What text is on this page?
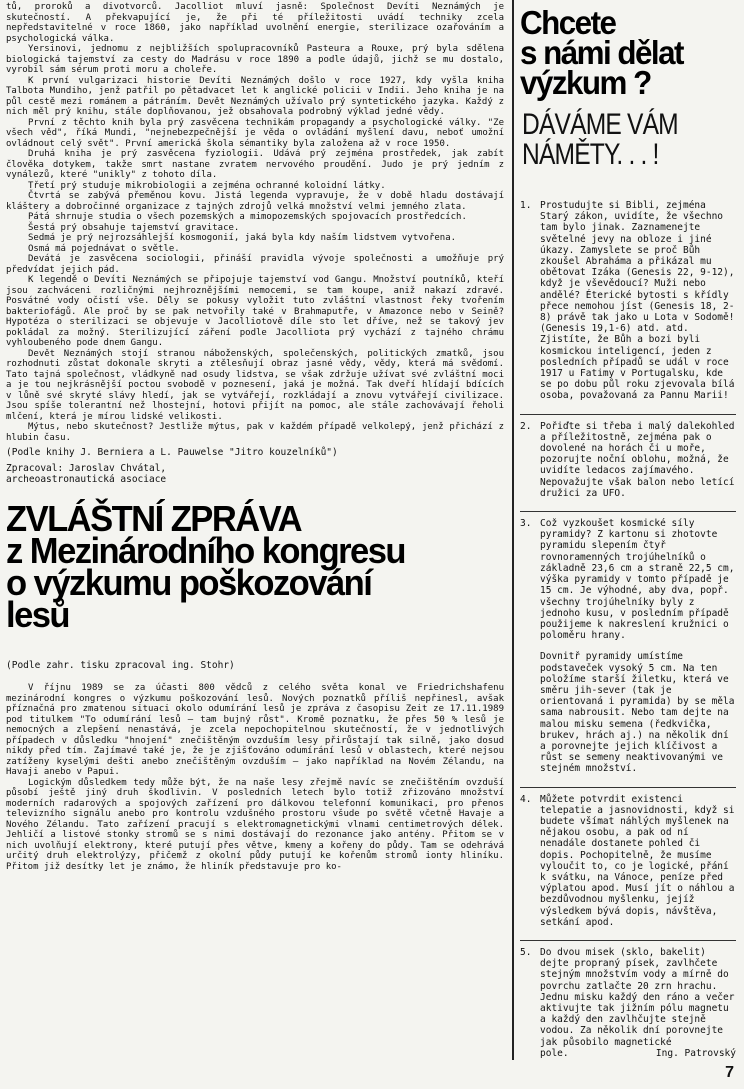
tů, proroků a divotvorců. Jacolliot mluví jasně: Společnost Devíti Neznámých je skutečností. A překvapující je, že při té příležitosti uvádí techniky zcela nepředstavitelné v roce 1860, jako například uvolnění energie, sterilizace ozařováním a psychologická válka.

Yersinovi, jednomu z nejbližších spolupracovníků Pasteura a Rouxe, prý byla sdělena biologická tajemství za cesty do Madrásu v roce 1890 a podle údajů, jichž se mu dostalo, vyrobil sám sérum proti moru a choleře.

K první vulgarizaci historie Devíti Neznámých došlo v roce 1927, kdy vyšla kniha Talbota Mundiho, jenž patřil po pětadvacet let k anglické policii v Indii. Jeho kniha je na půl cestě mezi románem a pátráním. Devět Neznámých užívalo prý syntetického jazyka. Každý z nich měl prý knihu, stále doplňovanou, jež obsahovala podrobný výklad jedné vědy.

První z těchto knih byla prý zasvěcena technikám propagandy a psychologické války. "Ze všech věd", říká Mundi, "nejnebezpečnější je věda o ovládání myšlení davu, neboť umožní ovládnout celý svět". První americká škola sémantiky byla založena až v roce 1950.

Druhá kniha je prý zasvěcena fyziologii. Udává prý zejména prostředek, jak zabít člověka dotykem, takže smrt nastane zvratem nervového proudění. Judo je prý jedním z vynálezů, které "unikly" z tohoto díla.

Třetí prý studuje mikrobiologii a zejména ochranné koloidní látky.

Čtvrtá se zabývá přeměnou kovu. Jistá legenda vypravuje, že v době hladu dostávají kláštery a dobročinné organizace z tajných zdrojů velká množství velmi jemného zlata.

Pátá shrnuje studia o všech pozemských a mimopozemských spojovacích prostředcích.

Šestá prý obsahuje tajemství gravitace.

Sedmá je prý nejrozsáhlejší kosmogonií, jaká byla kdy naším lidstvem vytvořena.

Osmá má pojednávat o světle.

Devátá je zasvěcena sociologii, přináší pravidla vývoje společnosti a umožňuje prý předvídat jejich pád.

K legendě o Devíti Neznámých se připojuje tajemství vod Gangu. Množství poutníků, kteří jsou zachváceni rozličnými nejhroznějšími nemocemi, se tam koupe, aniž nakazí zdravé. Posvátné vody očistí vše. Děly se pokusy vyložit tuto zvláštní vlastnost řeky tvořením bakteriofágů. Ale proč by se pak netvořily také v Brahmaputře, v Amazonce nebo v Seině? Hypotéza o sterilizaci se objevuje v Jacolliotově díle sto let dříve, než se takový jev pokládal za možný. Sterilizující záření podle Jacolliota prý vychází z tajného chrámu vyhloubeného pode dnem Gangu.

Devět Neznámých stojí stranou náboženských, společenských, politických zmatků, jsou rozhodnuti zůstat dokonale skryti a ztělesňují obraz jasné vědy, vědy, která má svědomí. Tato tajná společnost, vládkyně nad osudy lidstva, se však zdržuje užívat své zvláštní moci a je tou nejkrásnější poctou svobodě v poznesení, jaká je možná. Tak dveří hlídají bdících v lůně své skryté slávy hledí, jak se vytvářejí, rozkládají a znovu vytvářejí civilizace. Jsou spíše tolerantní než lhostejní, hotovi přijít na pomoc, ale stále zachovávají řeholi mlčení, která je mírou lidské velikosti.

Mýtus, nebo skutečnost? Jestliže mýtus, pak v každém případě velkolepý, jenž přichází z hlubin času.

(Podle knihy J. Berniera a L. Pauwelse "Jitro kouzelníků")
Zpracoval: Jaroslav Chvátal,
archeoastronautická asociace
ZVLÁŠTNÍ ZPRÁVA
z Mezinárodního kongresu
o výzkumu poškozování
lesů
(Podle zahr. tisku zpracoval ing. Stohr)

V říjnu 1989 se za účasti 800 vědců z celého světa konal ve Friedrichshafenu mezinárodní kongres o výzkumu poškozování lesů. Nových poznatků příliš nepřinesl, avšak příznačná pro zmatenou situaci okolo odumírání lesů je zpráva z časopisu Zeit ze 17.11.1989 pod titulkem "To odumírání lesů – tam bujný růst". Kromě poznatku, že přes 50 % lesů je nemocných a zlepšení nenastává, je zcela nepochopitelnou skutečností, že v jednotlivých případech v důsledku "hnojení" znečištěným ovzduším lesy přirůstají tak silně, jako dosud nikdy před tím. Zajímavé také je, že je zjišťováno odumírání lesů v oblastech, které nejsou zatíženy kyselými dešti anebo znečištěným ovzduším – jako například na Novém Zélandu, na Havaji anebo v Papui.

Logickým důsledkem tedy může být, že na naše lesy zřejmě navíc se znečištěním ovzduší působí ještě jiný druh škodlivin. V posledních letech bylo totiž zřizováno množství moderních radarových a spojových zařízení pro dálkovou telefonní komunikaci, pro přenos televizního signálu anebo pro kontrolu vzdušného prostoru všude po světě včetně Havaje a Nového Zélandu. Tato zařízení pracují s elektromagnetickými vlnami centimetrových délek. Jehličí a listové stonky stromů se s nimi dostávají do rezonance jako antény. Přitom se v nich uvolňují elektrony, které putují přes větve, kmeny a kořeny do půdy. Tam se odehrává určitý druh elektrolýzy, přičemž z okolní půdy putují ke kořenům stromů ionty hliníku. Přitom již desítky let je známo, že hliník představuje pro ko-

Chcete
s námi dělat
výzkum ?
DÁVÁME VÁM
NÁMĚTY. . . !
1. Prostudujte si Bibli, zejména Starý zákon, uvidíte, že všechno tam bylo jinak. Zaznamenejte světelné jevy na obloze i jiné úkazy. Zamyslete se proč Bůh zkoušel Abraháma a přikázal mu obětovat Izáka (Genesis 22, 9-12), když je vševědoucí? Muži nebo andělé? Éterické bytosti s křídly přece nemohou jíst (Genesis 18, 2-8) právě tak jako u Lota v Sodomě! (Genesis 19,1-6) atd. atd. Zjistíte, že Bůh a bozi byli kosmickou inteligencí, jeden z posledních případů se udál v roce 1917 u Fatimy v Portugalsku, kde se po dobu půl roku zjevovala bílá osoba, považovaná za Pannu Marii!

2. Pořiďte si třeba i malý dalekohled a příležitostně, zejména pak o dovolené na horách či u moře, pozorujte noční oblohu, možná, že uvidíte ledacos zajímavého. Nepovažujte však balon nebo letící družici za UFO.

3. Což vyzkoušet kosmické síly pyramidy? Z kartonu si zhotovte pyramidu slepením čtyř rovnoramenných trojúhelníků o základně 23,6 cm a straně 22,5 cm, výška pyramidy v tomto případě je 15 cm. Je výhodné, aby dva, popř. všechny trojúhelníky byly z jednoho kusu, v posledním případě použijeme k nakreslení kružnici o poloměru hrany.

Dovnitř pyramidy umístíme podstaveček vysoký 5 cm. Na ten položíme starší žiletku, která ve směru jih-sever (tak je orientovaná i pyramida) by se měla sama nabrousit. Nebo tam dejte na malou misku semena (ředkvička, brukev, hrách aj.) na několik dní a porovnejte jejich klíčivost a růst se semeny neaktivovanými ve stejném množství.

4. Můžete potvrdit existenci telepatie a jasnovidnosti, když si budete všímat náhlých myšlenek na nějakou osobu, a pak od ní nenadále dostanete pohled či dopis. Pochopitelně, že musíme vyloučit to, co je logické, přání k svátku, na Vánoce, peníze před výplatou apod. Musí jít o náhlou a bezdůvodnou myšlenku, jejíž výsledkem bývá dopis, návštěva, setkání apod.

5. Do dvou misek (sklo, bakelit) dejte propraný písek, zavlhčete stejným množstvím vody a mírně do povrchu zatlačte 20 zrn hrachu. Jednu misku každý den ráno a večer aktivujte tak jižním pólu magnetu a každý den zavlhčujte stejně vodou. Za několik dní porovnejte jak působilo magnetické

pole.	Ing. Patrovský
7
